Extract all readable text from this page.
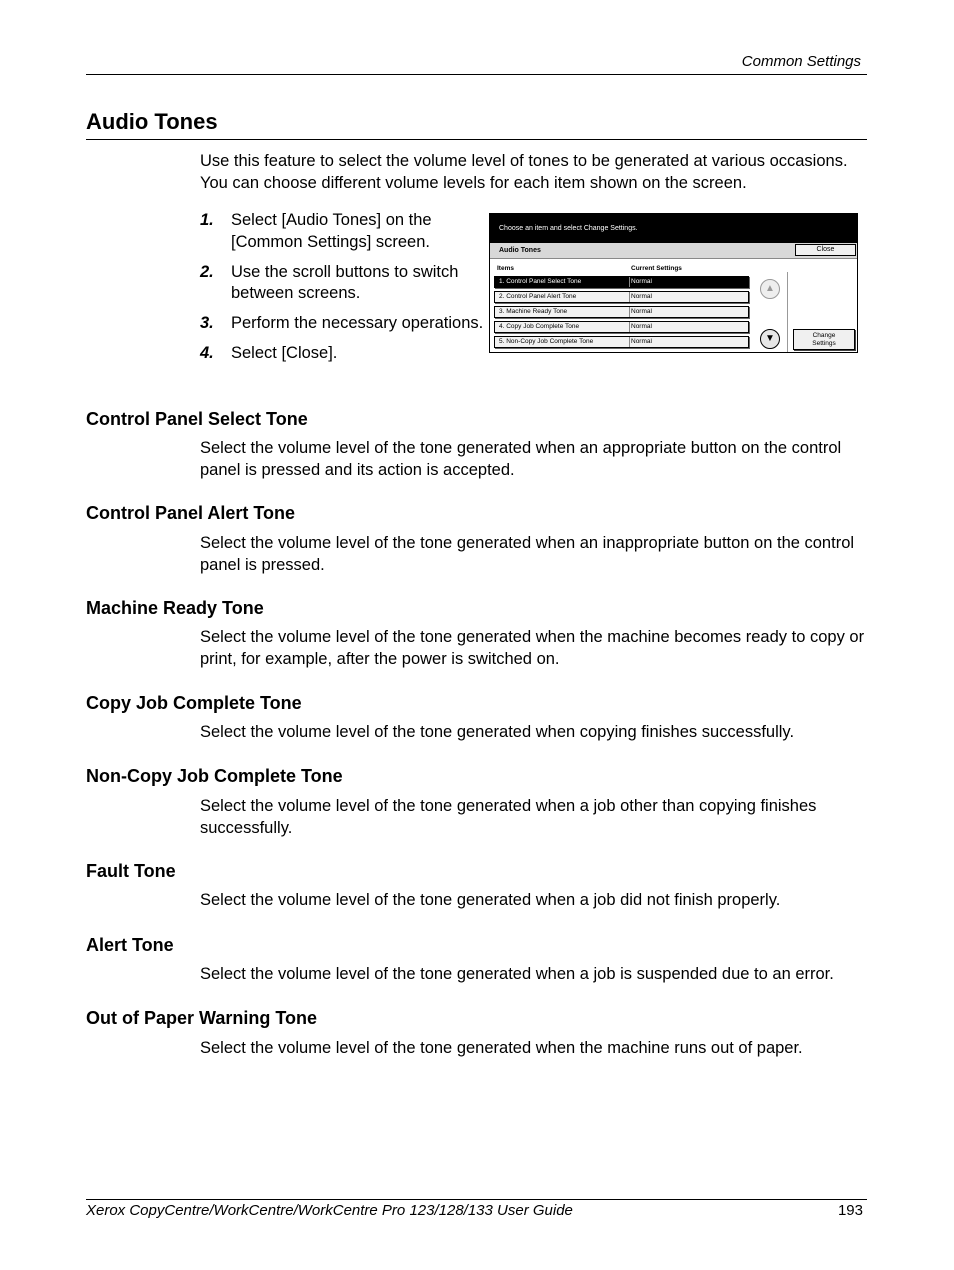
Common Settings
Audio Tones

Use this feature to select the volume level of tones to be generated at various occasions. You can choose different volume levels for each item shown on the screen.

1. Select [Audio Tones] on the [Common Settings] screen.
2. Use the scroll buttons to switch between screens.
3. Perform the necessary operations.
4. Select [Close].
Choose an item and select Change Settings.
Audio Tones	Close
Items	Current Settings
1. Control Panel Select Tone	Normal
2. Control Panel Alert Tone	Normal
3. Machine Ready Tone	Normal
4. Copy Job Complete Tone	Normal
5. Non-Copy Job Complete Tone	Normal
▲
▼	Change
Settings
Control Panel Select Tone

Select the volume level of the tone generated when an appropriate button on the control panel is pressed and its action is accepted.

Control Panel Alert Tone

Select the volume level of the tone generated when an inappropriate button on the control panel is pressed.

Machine Ready Tone

Select the volume level of the tone generated when the machine becomes ready to copy or print, for example, after the power is switched on.

Copy Job Complete Tone

Select the volume level of the tone generated when copying finishes successfully.

Non-Copy Job Complete Tone

Select the volume level of the tone generated when a job other than copying finishes successfully.

Fault Tone

Select the volume level of the tone generated when a job did not finish properly.

Alert Tone

Select the volume level of the tone generated when a job is suspended due to an error.

Out of Paper Warning Tone

Select the volume level of the tone generated when the machine runs out of paper.

Xerox CopyCentre/WorkCentre/WorkCentre Pro 123/128/133 User Guide	193
